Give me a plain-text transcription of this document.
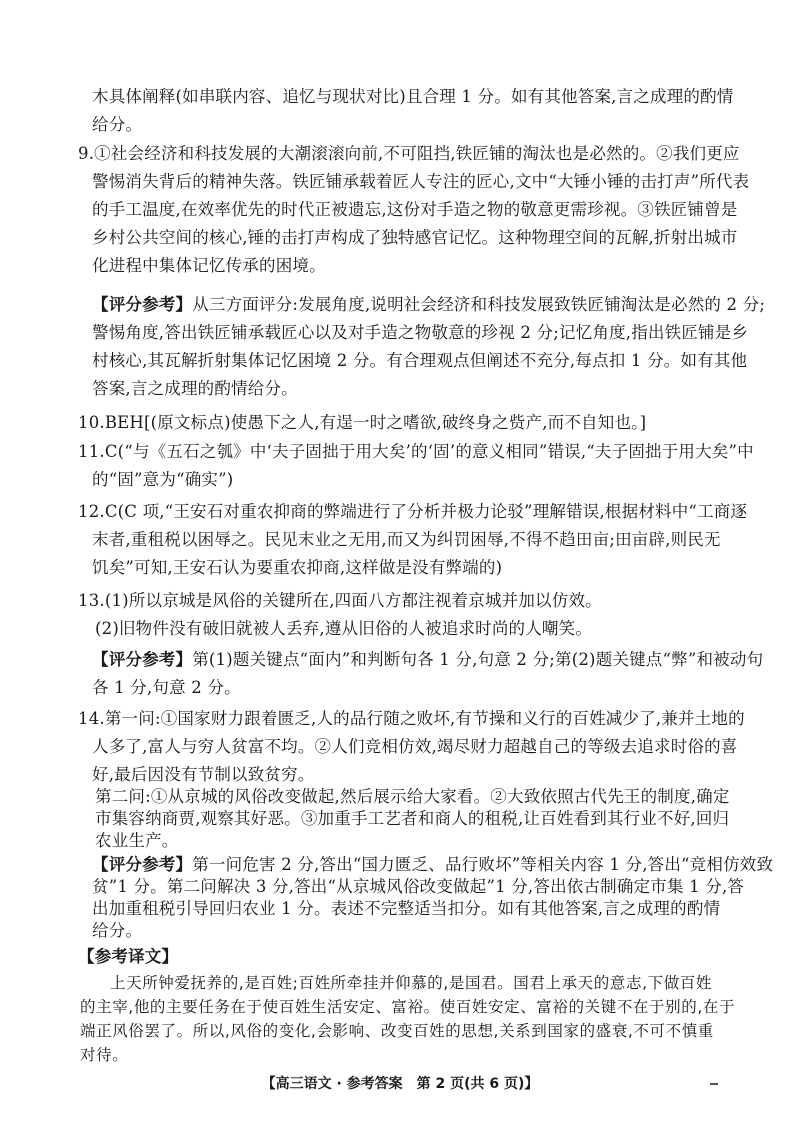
木具体阐释(如串联内容、追忆与现状对比)且合理 1 分。如有其他答案,言之成理的酌情
给分。
9.①社会经济和科技发展的大潮滚滚向前,不可阻挡,铁匠铺的淘汰也是必然的。②我们更应
警惕消失背后的精神失落。铁匠铺承载着匠人专注的匠心,文中“大锤小锤的击打声”所代表
的手工温度,在效率优先的时代正被遗忘,这份对手造之物的敬意更需珍视。③铁匠铺曾是
乡村公共空间的核心,锤的击打声构成了独特感官记忆。这种物理空间的瓦解,折射出城市
化进程中集体记忆传承的困境。
【评分参考】从三方面评分:发展角度,说明社会经济和科技发展致铁匠铺淘汰是必然的 2 分;
警惕角度,答出铁匠铺承载匠心以及对手造之物敬意的珍视 2 分;记忆角度,指出铁匠铺是乡
村核心,其瓦解折射集体记忆困境 2 分。有合理观点但阐述不充分,每点扣 1 分。如有其他
答案,言之成理的酌情给分。
10.BEH[(原文标点)使愚下之人,有逞一时之嗜欲,破终身之赀产,而不自知也。]
11.C(“与《五石之瓠》中‘夫子固拙于用大矣’的‘固’的意义相同”错误,“夫子固拙于用大矣”中
的“固”意为“确实”)
12.C(C 项,“王安石对重农抑商的弊端进行了分析并极力论驳”理解错误,根据材料中“工商逐
末者,重租税以困辱之。民见末业之无用,而又为纠罚困辱,不得不趋田亩;田亩辟,则民无
饥矣”可知,王安石认为要重农抑商,这样做是没有弊端的)
13.(1)所以京城是风俗的关键所在,四面八方都注视着京城并加以仿效。
(2)旧物件没有破旧就被人丢弃,遵从旧俗的人被追求时尚的人嘲笑。
【评分参考】第(1)题关键点“面内”和判断句各 1 分,句意 2 分;第(2)题关键点“弊”和被动句
各 1 分,句意 2 分。
14.第一问:①国家财力跟着匮乏,人的品行随之败坏,有节操和义行的百姓减少了,兼并土地的
人多了,富人与穷人贫富不均。②人们竞相仿效,竭尽财力超越自己的等级去追求时俗的喜
好,最后因没有节制以致贫穷。
第二问:①从京城的风俗改变做起,然后展示给大家看。②大致依照古代先王的制度,确定
市集容纳商贾,观察其好恶。③加重手工艺者和商人的租税,让百姓看到其行业不好,回归
农业生产。
【评分参考】第一问危害 2 分,答出“国力匮乏、品行败坏”等相关内容 1 分,答出“竞相仿效致
贫”1 分。第二问解决 3 分,答出“从京城风俗改变做起”1 分,答出依古制确定市集 1 分,答
出加重租税引导回归农业 1 分。表述不完整适当扣分。如有其他答案,言之成理的酌情
给分。
【参考译文】
上天所钟爱抚养的,是百姓;百姓所牵挂并仰慕的,是国君。国君上承天的意志,下做百姓
的主宰,他的主要任务在于使百姓生活安定、富裕。使百姓安定、富裕的关键不在于别的,在于
端正风俗罢了。所以,风俗的变化,会影响、改变百姓的思想,关系到国家的盛衰,不可不慎重
对待。
【高三语文 · 参考答案　第 2 页(共 6 页)】
